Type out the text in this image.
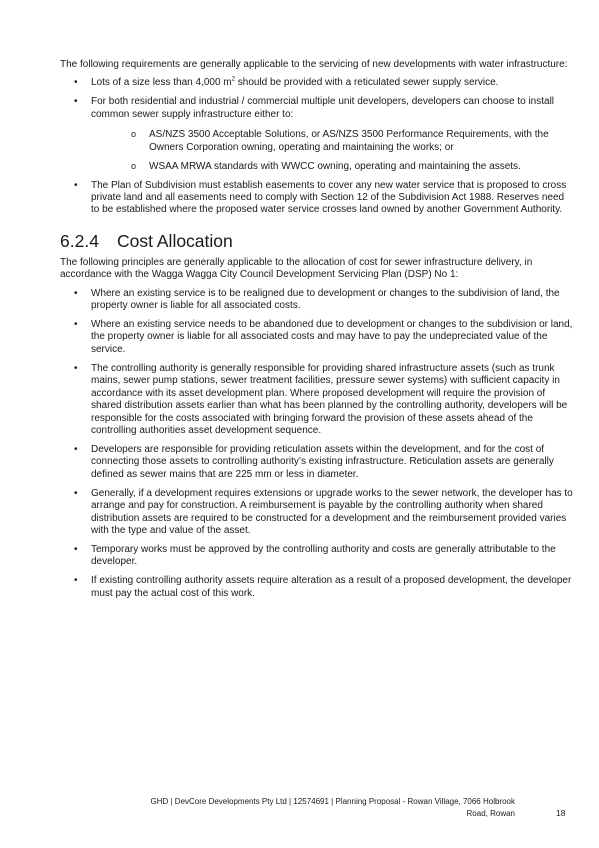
The following requirements are generally applicable to the servicing of new developments with water infrastructure:

• Lots of a size less than 4,000 $m^2$ should be provided with a reticulated sewer supply service.
• For both residential and industrial / commercial multiple unit developers, developers can choose to install common sewer supply infrastructure either to:
o AS/NZS 3500 Acceptable Solutions, or AS/NZS 3500 Performance Requirements, with the Owners Corporation owning, operating and maintaining the works; or
o WSAA MRWA standards with WWCC owning, operating and maintaining the assets.
• The Plan of Subdivision must establish easements to cover any new water service that is proposed to cross private land and all easements need to comply with Section 12 of the Subdivision Act 1988. Reserves need to be established where the proposed water service crosses land owned by another Government Authority.
6.2.4 Cost Allocation

The following principles are generally applicable to the allocation of cost for sewer infrastructure delivery, in accordance with the Wagga Wagga City Council Development Servicing Plan (DSP) No 1:

• Where an existing service is to be realigned due to development or changes to the subdivision of land, the property owner is liable for all associated costs.
• Where an existing service needs to be abandoned due to development or changes to the subdivision or land, the property owner is liable for all associated costs and may have to pay the undepreciated value of the service.
• The controlling authority is generally responsible for providing shared infrastructure assets (such as trunk mains, sewer pump stations, sewer treatment facilities, pressure sewer systems) with sufficient capacity in accordance with its asset development plan. Where proposed development will require the provision of shared distribution assets earlier than what has been planned by the controlling authority, developers will be responsible for the costs associated with bringing forward the provision of these assets ahead of the controlling authorities asset development sequence.
• Developers are responsible for providing reticulation assets within the development, and for the cost of connecting those assets to controlling authority’s existing infrastructure. Reticulation assets are generally defined as sewer mains that are 225 mm or less in diameter.
• Generally, if a development requires extensions or upgrade works to the sewer network, the developer has to arrange and pay for construction. A reimbursement is payable by the controlling authority when shared distribution assets are required to be constructed for a development and the reimbursement provided varies with the type and value of the asset.
• Temporary works must be approved by the controlling authority and costs are generally attributable to the developer.
• If existing controlling authority assets require alteration as a result of a proposed development, the developer must pay the actual cost of this work.
GHD | DevCore Developments Pty Ltd | 12574691 | Planning Proposal - Rowan Village, 7066 Holbrook
Road, Rowan	18
